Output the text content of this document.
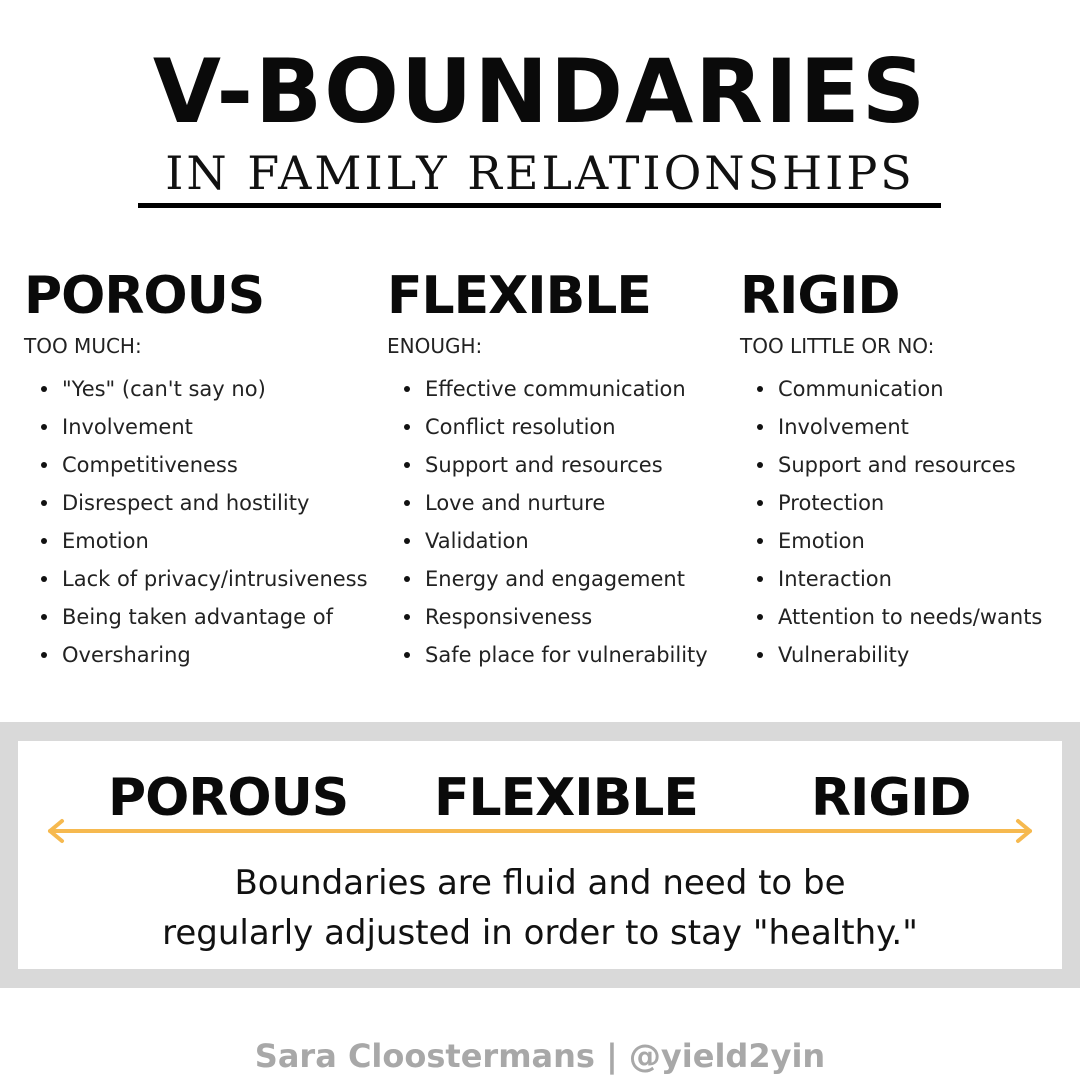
V-BOUNDARIES
IN FAMILY RELATIONSHIPS
POROUS
TOO MUCH:
"Yes" (can't say no)
Involvement
Competitiveness
Disrespect and hostility
Emotion
Lack of privacy/intrusiveness
Being taken advantage of
Oversharing
FLEXIBLE
ENOUGH:
Effective communication
Conflict resolution
Support and resources
Love and nurture
Validation
Energy and engagement
Responsiveness
Safe place for vulnerability
RIGID
TOO LITTLE OR NO:
Communication
Involvement
Support and resources
Protection
Emotion
Interaction
Attention to needs/wants
Vulnerability
POROUS FLEXIBLE RIGID
Boundaries are fluid and need to be
regularly adjusted in order to stay "healthy."
Sara Cloostermans | @yield2yin
